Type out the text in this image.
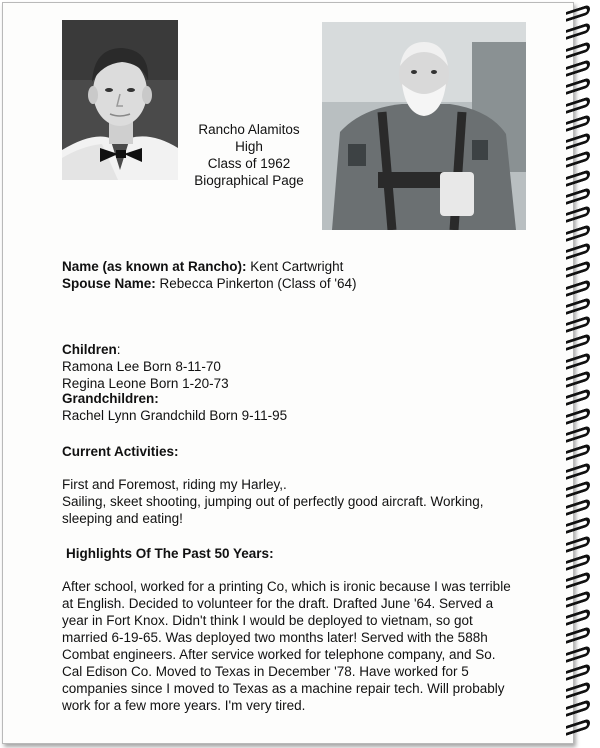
Rancho Alamitos
High
Class of 1962
Biographical Page
Name (as known at Rancho): Kent Cartwright
Spouse Name: Rebecca Pinkerton (Class of '64)
Children:
Ramona Lee Born 8-11-70
Regina Leone Born 1-20-73
Grandchildren:
Rachel Lynn Grandchild Born 9-11-95
Current Activities:
First and Foremost, riding my Harley,.
Sailing, skeet shooting, jumping out of perfectly good aircraft. Working,
sleeping and eating!
Highlights Of The Past 50 Years:
After school, worked for a printing Co, which is ironic because I was terrible
at English. Decided to volunteer for the draft. Drafted June '64. Served a
year in Fort Knox. Didn't think I would be deployed to vietnam, so got
married 6-19-65. Was deployed two months later! Served with the 588h
Combat engineers. After service worked for telephone company, and So.
Cal Edison Co. Moved to Texas in December '78. Have worked for 5
companies since I moved to Texas as a machine repair tech. Will probably
work for a few more years. I'm very tired.
